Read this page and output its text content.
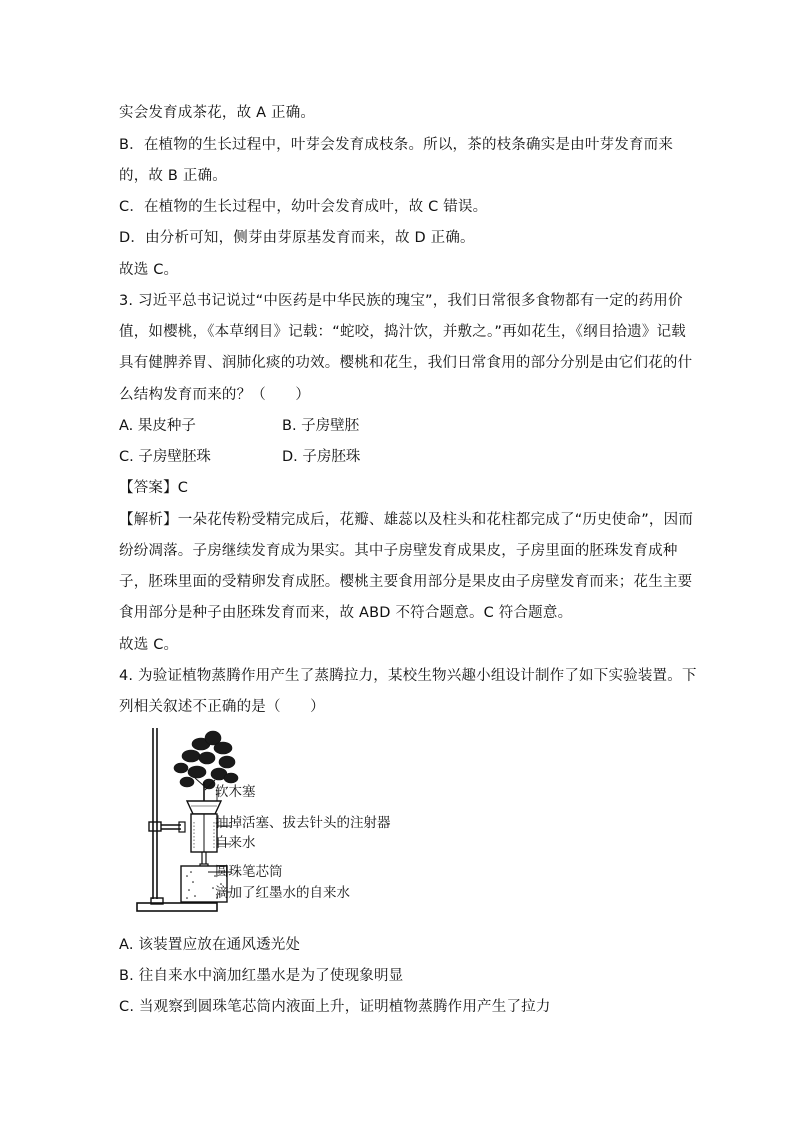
实会发育成茶花，故 A 正确。
B．在植物的生长过程中，叶芽会发育成枝条。所以，茶的枝条确实是由叶芽发育而来
的，故 B 正确。
C．在植物的生长过程中，幼叶会发育成叶，故 C 错误。
D．由分析可知，侧芽由芽原基发育而来，故 D 正确。
故选 C。
3. 习近平总书记说过“中医药是中华民族的瑰宝”，我们日常很多食物都有一定的药用价
值，如樱桃，《本草纲目》记载：“蛇咬，捣汁饮，并敷之。”再如花生，《纲目拾遗》记载
具有健脾养胃、润肺化痰的功效。樱桃和花生，我们日常食用的部分分别是由它们花的什
么结构发育而来的？（　　）
A. 果皮种子	B. 子房壁胚
C. 子房壁胚珠	D. 子房胚珠
【答案】C
【解析】一朵花传粉受精完成后，花瓣、雄蕊以及柱头和花柱都完成了“历史使命”，因而
纷纷凋落。子房继续发育成为果实。其中子房壁发育成果皮，子房里面的胚珠发育成种
子，胚珠里面的受精卵发育成胚。樱桃主要食用部分是果皮由子房壁发育而来；花生主要
食用部分是种子由胚珠发育而来，故 ABD 不符合题意。C 符合题意。
故选 C。
4. 为验证植物蒸腾作用产生了蒸腾拉力，某校生物兴趣小组设计制作了如下实验装置。下
列相关叙述不正确的是（　　）
软木塞
抽掉活塞、拔去针头的注射器
自来水
圆珠笔芯筒
滴加了红墨水的自来水
A. 该装置应放在通风透光处
B. 往自来水中滴加红墨水是为了使现象明显
C. 当观察到圆珠笔芯筒内液面上升，证明植物蒸腾作用产生了拉力
